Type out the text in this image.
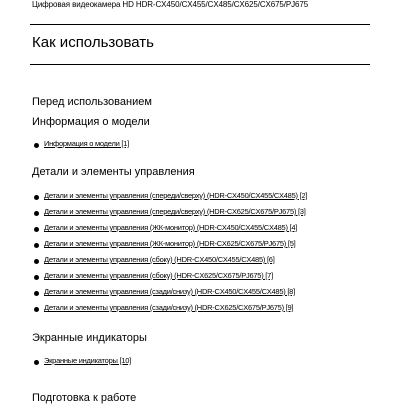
Цифровая видеокамера HD HDR-CX450/CX455/CX485/CX625/CX675/PJ675
Как использовать
Перед использованием
Информация о модели
Информация о модели [1]
Детали и элементы управления
Детали и элементы управления (спереди/сверху) (HDR-CX450/CX455/CX485) [2]
Детали и элементы управления (спереди/сверху) (HDR-CX625/CX675/PJ675) [3]
Детали и элементы управления (ЖК-монитор) (HDR-CX450/CX455/CX485) [4]
Детали и элементы управления (ЖК-монитор) (HDR-CX625/CX675/PJ675) [5]
Детали и элементы управления (сбоку) (HDR-CX450/CX455/CX485) [6]
Детали и элементы управления (сбоку) (HDR-CX625/CX675/PJ675) [7]
Детали и элементы управления (сзади/снизу) (HDR-CX450/CX455/CX485) [8]
Детали и элементы управления (сзади/снизу) (HDR-CX625/CX675/PJ675) [9]
Экранные индикаторы
Экранные индикаторы [10]
Подготовка к работе
